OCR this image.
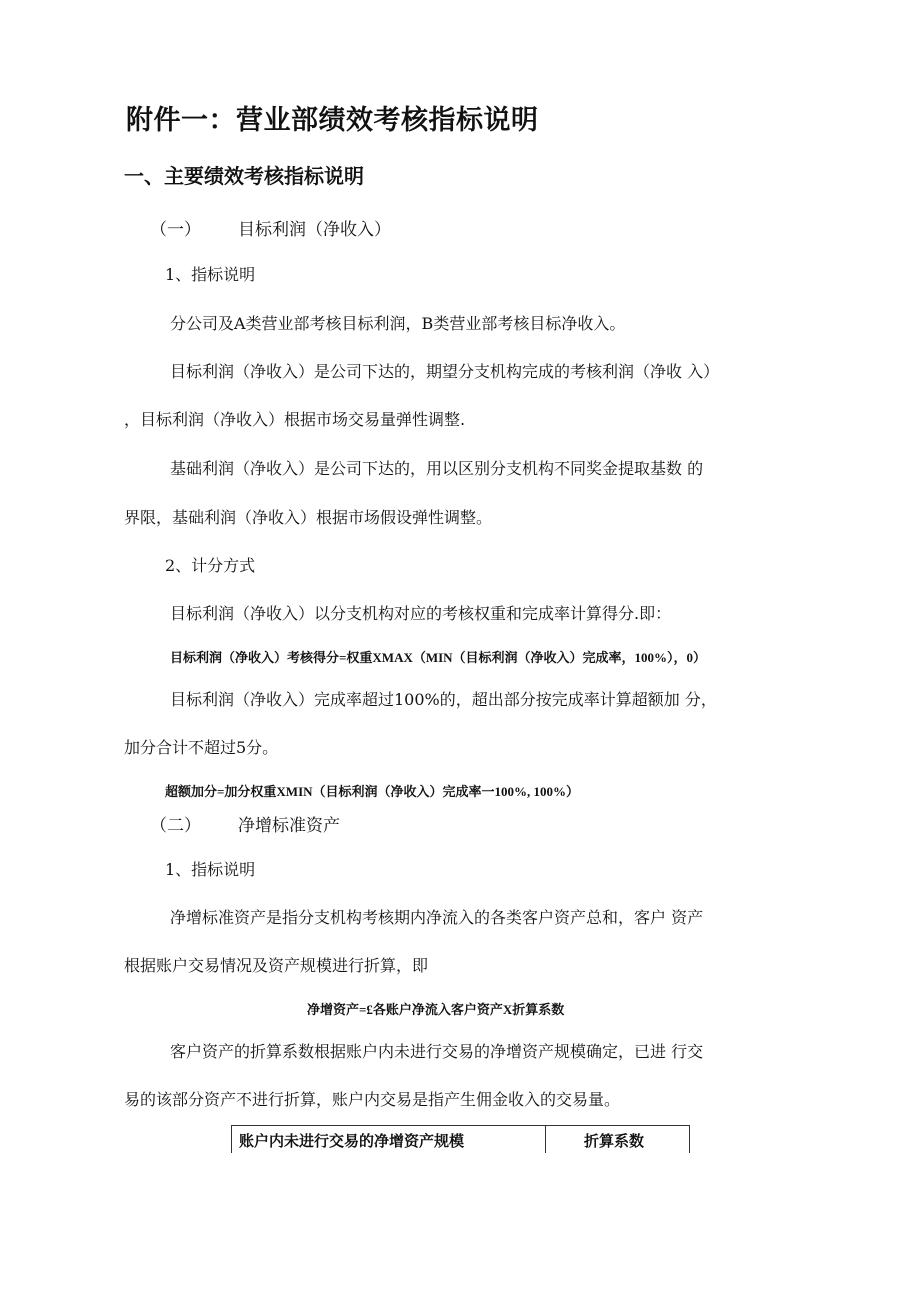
附件一：营业部绩效考核指标说明
一、主要绩效考核指标说明
（一） 目标利润（净收入）
1、指标说明
分公司及A类营业部考核目标利润，B类营业部考核目标净收入。
目标利润（净收入）是公司下达的，期望分支机构完成的考核利润（净收 入）
，目标利润（净收入）根据市场交易量弹性调整.
基础利润（净收入）是公司下达的，用以区别分支机构不同奖金提取基数 的
界限，基础利润（净收入）根据市场假设弹性调整。
2、计分方式
目标利润（净收入）以分支机构对应的考核权重和完成率计算得分.即：
目标利润（净收入）考核得分=权重XMAX（MIN（目标利润（净收入）完成率，100%），0）
目标利润（净收入）完成率超过100%的，超出部分按完成率计算超额加 分，
加分合计不超过5分。
超额加分=加分权重XMIN（目标利润（净收入）完成率一100%, 100%）
（二） 净增标准资产
1、指标说明
净增标准资产是指分支机构考核期内净流入的各类客户资产总和，客户 资产
根据账户交易情况及资产规模进行折算，即
净增资产=£各账户净流入客户资产X折算系数
客户资产的折算系数根据账户内未进行交易的净增资产规模确定，已进 行交
易的该部分资产不进行折算，账户内交易是指产生佣金收入的交易量。
账户内未进行交易的净增资产规模	折算系数
